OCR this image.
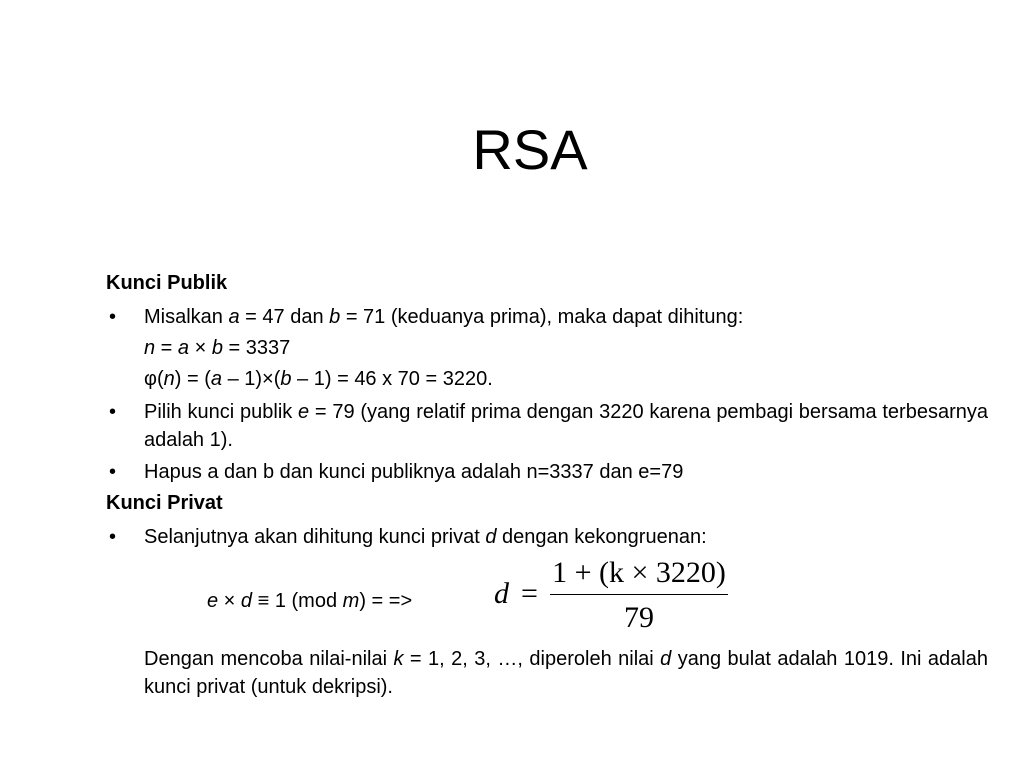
RSA
Kunci Publik
• Misalkan a = 47 dan b = 71 (keduanya prima), maka dapat dihitung:
n = a × b = 3337
φ(n) = (a – 1)×(b – 1) = 46 x 70 = 3220.
• Pilih kunci publik e = 79 (yang relatif prima dengan 3220 karena pembagi bersama terbesarnya adalah 1).
• Hapus a dan b dan kunci publiknya adalah n=3337 dan e=79
Kunci Privat
• Selanjutnya akan dihitung kunci privat d dengan kekongruenan:
e × d ≡ 1 (mod m) = =>	$d = \frac{1 + (k \times 3220)}{79}$
Dengan mencoba nilai-nilai k = 1, 2, 3, …, diperoleh nilai d yang bulat adalah 1019. Ini adalah kunci privat (untuk dekripsi).
